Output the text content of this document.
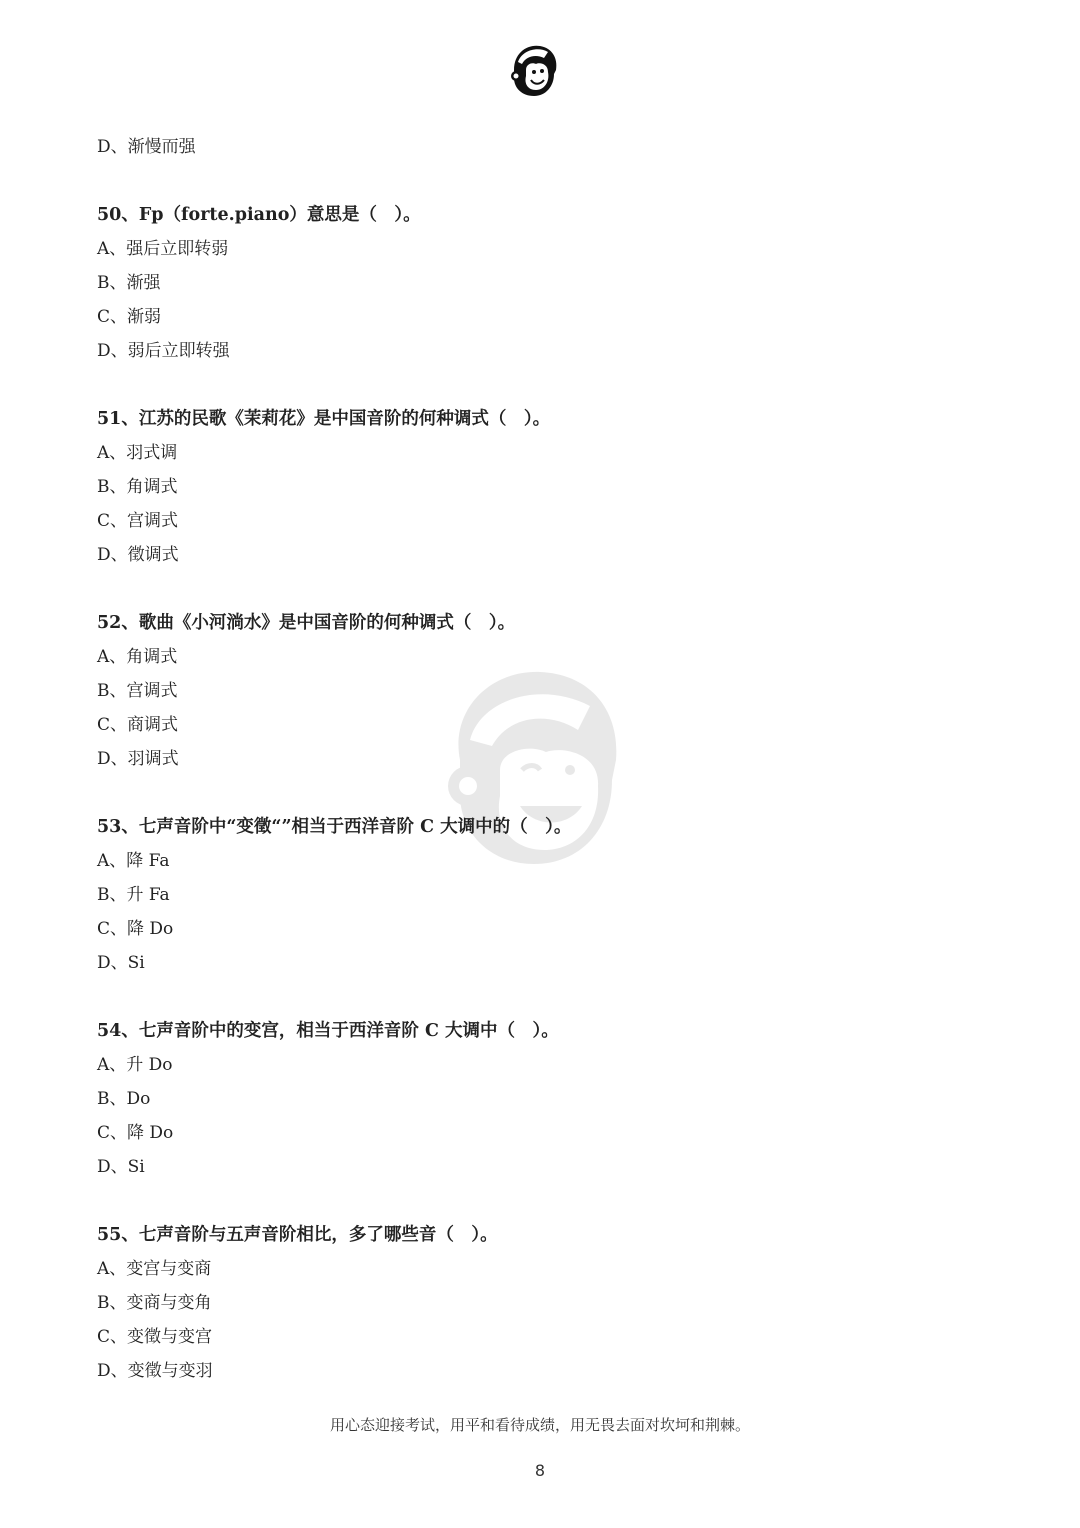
D、渐慢而强
50、Fp（forte.piano）意思是（　）。
A、强后立即转弱
B、渐强
C、渐弱
D、弱后立即转强
51、江苏的民歌《茉莉花》是中国音阶的何种调式（　）。
A、羽式调
B、角调式
C、宫调式
D、徵调式
52、歌曲《小河淌水》是中国音阶的何种调式（　）。
A、角调式
B、宫调式
C、商调式
D、羽调式
53、七声音阶中“变徵“”相当于西洋音阶 C 大调中的（　）。
A、降 Fa
B、升 Fa
C、降 Do
D、Si
54、七声音阶中的变宫，相当于西洋音阶 C 大调中（　）。
A、升 Do
B、Do
C、降 Do
D、Si
55、七声音阶与五声音阶相比，多了哪些音（　）。
A、变宫与变商
B、变商与变角
C、变徵与变宫
D、变徵与变羽
用心态迎接考试，用平和看待成绩，用无畏去面对坎坷和荆棘。
8
